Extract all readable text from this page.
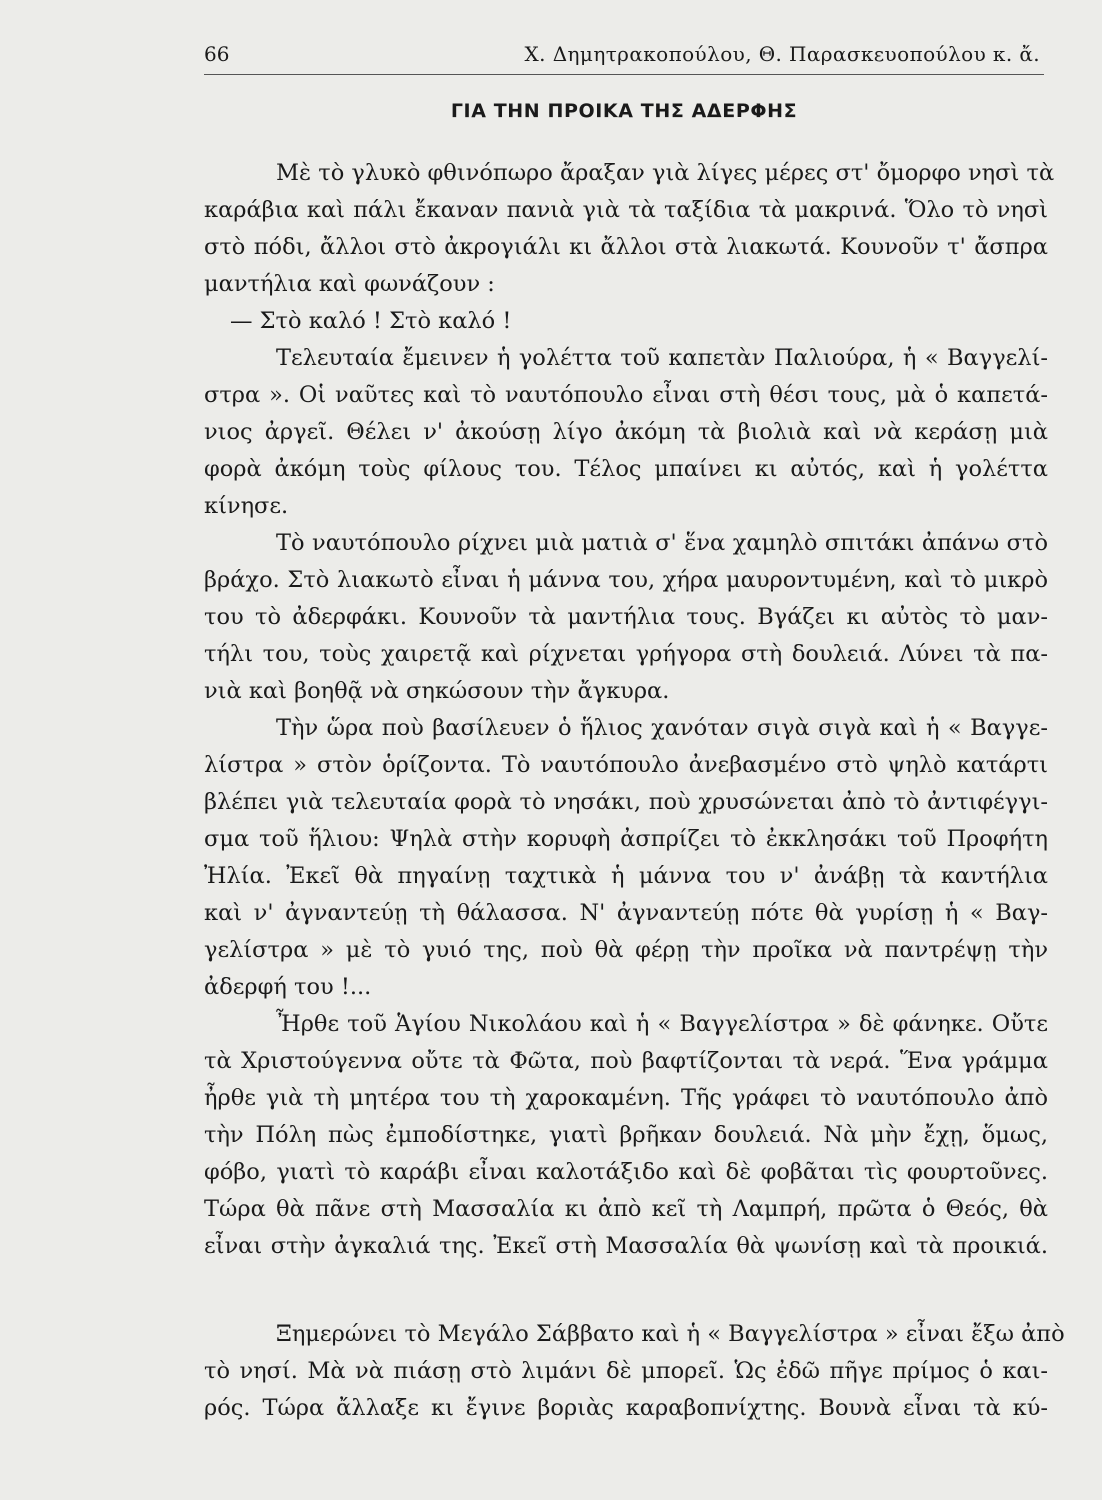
66	Χ. Δημητρακοπούλου, Θ. Παρασκευοπούλου κ. ἄ.
ΓΙΑ ΤΗΝ ΠΡΟΙΚΑ ΤΗΣ ΑΔΕΡΦΗΣ
Μὲ τὸ γλυκὸ φθινόπωρο ἄραξαν γιὰ λίγες μέρες στ' ὄμορφο νησὶ τὰ
καράβια καὶ πάλι ἔκαναν πανιὰ γιὰ τὰ ταξίδια τὰ μακρινά. Ὅλο τὸ νησὶ
στὸ πόδι, ἄλλοι στὸ ἀκρογιάλι κι ἄλλοι στὰ λιακωτά. Κουνοῦν τ' ἄσπρα
μαντήλια καὶ φωνάζουν :
— Στὸ καλό ! Στὸ καλό !
Τελευταία ἔμεινεν ἡ γολέττα τοῦ καπετὰν Παλιούρα, ἡ « Βαγγελί-
στρα ». Οἱ ναῦτες καὶ τὸ ναυτόπουλο εἶναι στὴ θέσι τους, μὰ ὁ καπετά-
νιος ἀργεῖ. Θέλει ν' ἀκούσῃ λίγο ἀκόμη τὰ βιολιὰ καὶ νὰ κεράσῃ μιὰ
φορὰ ἀκόμη τοὺς φίλους του. Τέλος μπαίνει κι αὐτός, καὶ ἡ γολέττα
κίνησε.
Τὸ ναυτόπουλο ρίχνει μιὰ ματιὰ σ' ἕνα χαμηλὸ σπιτάκι ἀπάνω στὸ
βράχο. Στὸ λιακωτὸ εἶναι ἡ μάννα του, χήρα μαυροντυμένη, καὶ τὸ μικρὸ
του τὸ ἀδερφάκι. Κουνοῦν τὰ μαντήλια τους. Βγάζει κι αὐτὸς τὸ μαν-
τήλι του, τοὺς χαιρετᾷ καὶ ρίχνεται γρήγορα στὴ δουλειά. Λύνει τὰ πα-
νιὰ καὶ βοηθᾷ νὰ σηκώσουν τὴν ἄγκυρα.
Τὴν ὥρα ποὺ βασίλευεν ὁ ἥλιος χανόταν σιγὰ σιγὰ καὶ ἡ « Βαγγε-
λίστρα » στὸν ὁρίζοντα. Τὸ ναυτόπουλο ἀνεβασμένο στὸ ψηλὸ κατάρτι
βλέπει γιὰ τελευταία φορὰ τὸ νησάκι, ποὺ χρυσώνεται ἀπὸ τὸ ἀντιφέγγι-
σμα τοῦ ἥλιου: Ψηλὰ στὴν κορυφὴ ἀσπρίζει τὸ ἐκκλησάκι τοῦ Προφήτη
Ἠλία. Ἐκεῖ θὰ πηγαίνῃ ταχτικὰ ἡ μάννα του ν' ἀνάβῃ τὰ καντήλια
καὶ ν' ἀγναντεύῃ τὴ θάλασσα. Ν' ἀγναντεύῃ πότε θὰ γυρίσῃ ἡ « Βαγ-
γελίστρα » μὲ τὸ γυιό της, ποὺ θὰ φέρῃ τὴν προῖκα νὰ παντρέψῃ τὴν
ἀδερφή του !...
Ἦρθε τοῦ Ἁγίου Νικολάου καὶ ἡ « Βαγγελίστρα » δὲ φάνηκε. Οὔτε
τὰ Χριστούγεννα οὔτε τὰ Φῶτα, ποὺ βαφτίζονται τὰ νερά. Ἕνα γράμμα
ἦρθε γιὰ τὴ μητέρα του τὴ χαροκαμένη. Τῆς γράφει τὸ ναυτόπουλο ἀπὸ
τὴν Πόλη πὼς ἐμποδίστηκε, γιατὶ βρῆκαν δουλειά. Νὰ μὴν ἔχῃ, ὅμως,
φόβο, γιατὶ τὸ καράβι εἶναι καλοτάξιδο καὶ δὲ φοβᾶται τὶς φουρτοῦνες.
Τώρα θὰ πᾶνε στὴ Μασσαλία κι ἀπὸ κεῖ τὴ Λαμπρή, πρῶτα ὁ Θεός, θὰ
εἶναι στὴν ἀγκαλιά της. Ἐκεῖ στὴ Μασσαλία θὰ ψωνίσῃ καὶ τὰ προικιά.
Ξημερώνει τὸ Μεγάλο Σάββατο καὶ ἡ « Βαγγελίστρα » εἶναι ἔξω ἀπὸ
τὸ νησί. Μὰ νὰ πιάσῃ στὸ λιμάνι δὲ μπορεῖ. Ὡς ἐδῶ πῆγε πρίμος ὁ και-
ρός. Τώρα ἄλλαξε κι ἔγινε βοριὰς καραβοπνίχτης. Βουνὰ εἶναι τὰ κύ-
